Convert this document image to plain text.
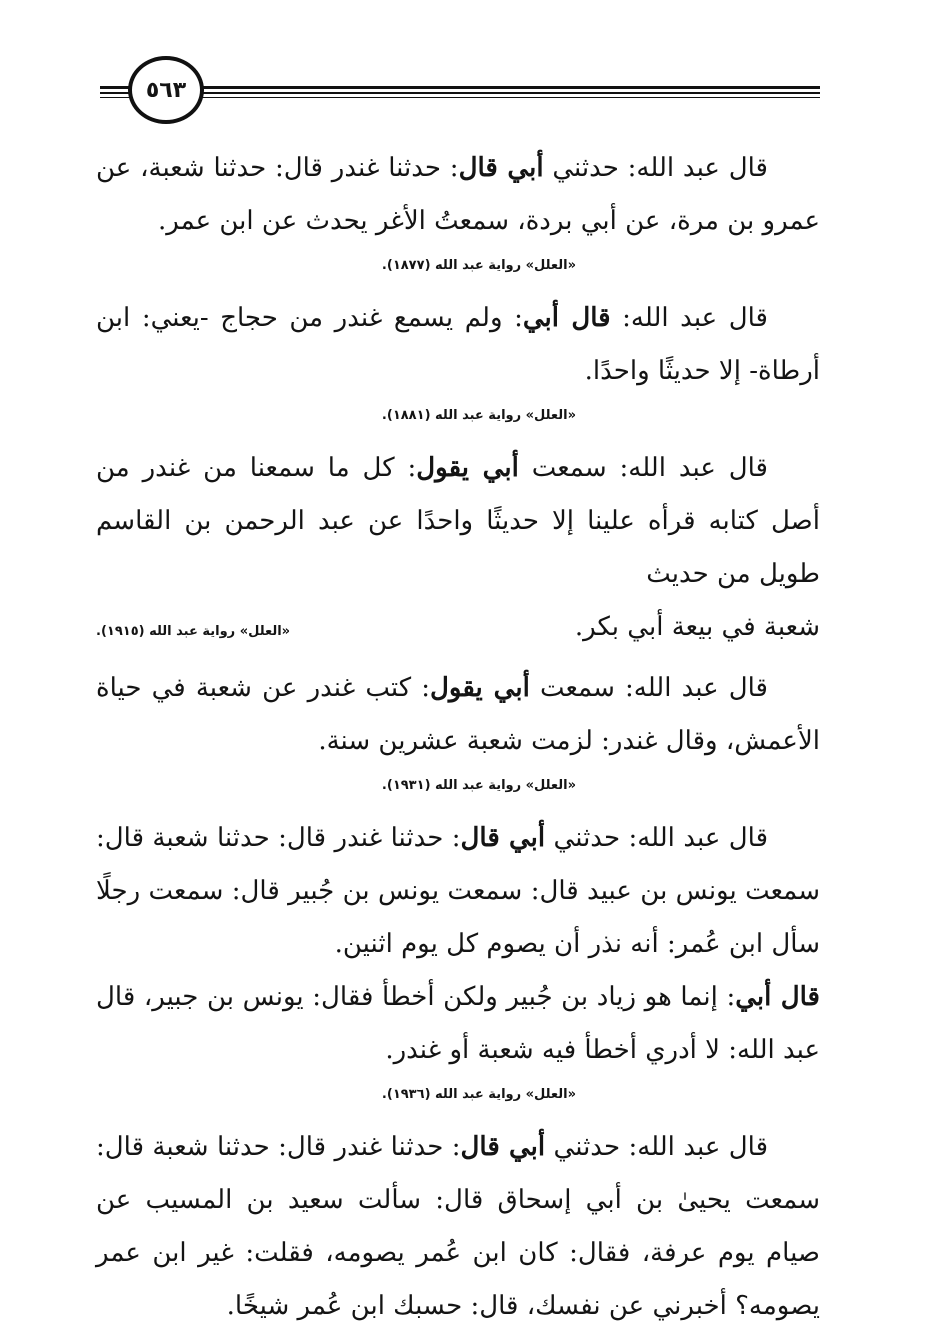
٥٦٣

قال عبد الله: حدثني أبي قال: حدثنا غندر قال: حدثنا شعبة، عن عمرو بن مرة، عن أبي بردة، سمعتُ الأغر يحدث عن ابن عمر.

«العلل» رواية عبد الله (١٨٧٧).

قال عبد الله: قال أبي: ولم يسمع غندر من حجاج -يعني: ابن أرطاة- إلا حديثًا واحدًا.

«العلل» رواية عبد الله (١٨٨١).

قال عبد الله: سمعت أبي يقول: كل ما سمعنا من غندر من أصل كتابه قرأه علينا إلا حديثًا واحدًا عن عبد الرحمن بن القاسم طويل من حديث

شعبة في بيعة أبي بكر.
«العلل» رواية عبد الله (١٩١٥).

قال عبد الله: سمعت أبي يقول: كتب غندر عن شعبة في حياة الأعمش، وقال غندر: لزمت شعبة عشرين سنة.

«العلل» رواية عبد الله (١٩٣١).

قال عبد الله: حدثني أبي قال: حدثنا غندر قال: حدثنا شعبة قال: سمعت يونس بن عبيد قال: سمعت يونس بن جُبير قال: سمعت رجلًا سأل ابن عُمر: أنه نذر أن يصوم كل يوم اثنين.

قال أبي: إنما هو زياد بن جُبير ولكن أخطأ فقال: يونس بن جبير، قال عبد الله: لا أدري أخطأ فيه شعبة أو غندر.

«العلل» رواية عبد الله (١٩٣٦).

قال عبد الله: حدثني أبي قال: حدثنا غندر قال: حدثنا شعبة قال: سمعت يحيىٰ بن أبي إسحاق قال: سألت سعيد بن المسيب عن صيام يوم عرفة، فقال: كان ابن عُمر يصومه، فقلت: غير ابن عمر يصومه؟ أخبرني عن نفسك، قال: حسبك ابن عُمر شيخًا.
